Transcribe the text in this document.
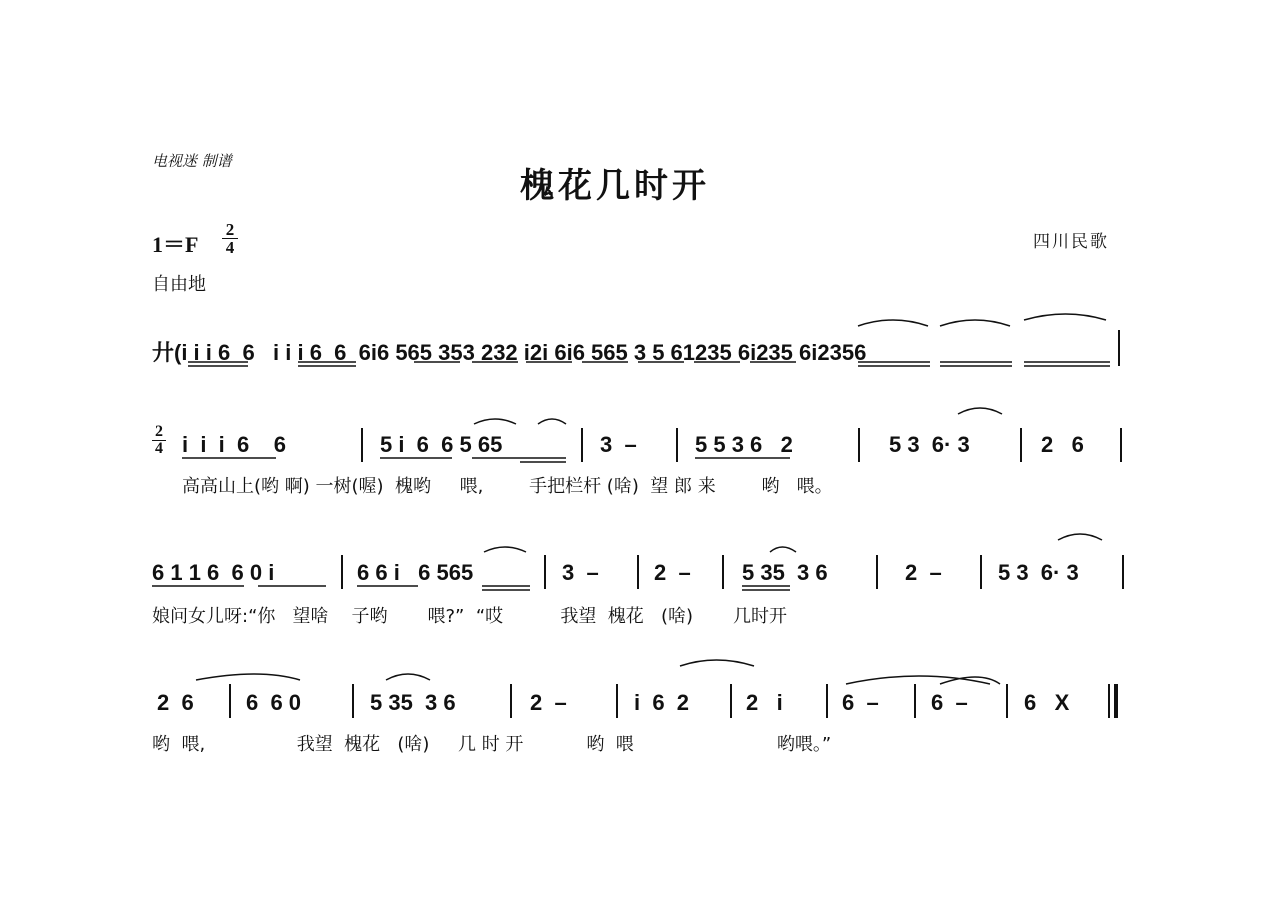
电视迷 制谱
槐花几时开
四川民歌
1＝F
2
4
自由地
廾(i i i 6  6   i i i 6  6  6i6 565 353 232 i2i 6i6 565 3 5 61235 6i235 6i2356
2
4 i  i  i  6    6	5 i  6  6 5 65	3  –	5 5 3 6   2	5 3  6· 3	2   6
高高山上(哟 啊) 一树(喔)  槐哟     喂,        手把栏杆 (啥)  望 郎 来        哟   喂。
6 1 1 6  6 0 i	6 6 i   6 565	3  –	2  – 5 35  3 6	2  –	5 3  6· 3
娘问女儿呀:“你   望啥    子哟       喂?”  “哎          我望  槐花   (啥)       几时开
2  6 6  6 0	5 35  3 6	2  –	i  6  2	2   i	6  – 6  –	6   X
哟  喂,                我望  槐花   (啥)     几 时 开           哟  喂                         哟喂。”
